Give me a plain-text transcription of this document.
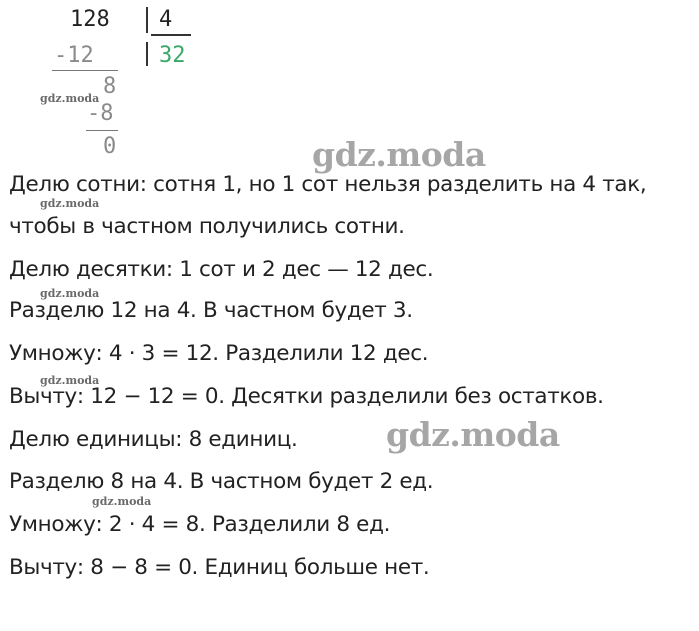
128 4
32
-12
8
-8
0
gdz.moda
gdz.moda
gdz.moda
gdz.moda
gdz.moda
gdz.moda
gdz.moda
Делю сотни: сотня 1, но 1 сот нельзя разделить на 4 так,
чтобы в частном получились сотни.
Делю десятки: 1 сот и 2 дес — 12 дес.
Разделю 12 на 4. В частном будет 3.
Умножу: 4 · 3 = 12. Разделили 12 дес.
Вычту: 12 − 12 = 0. Десятки разделили без остатков.
Делю единицы: 8 единиц.
Разделю 8 на 4. В частном будет 2 ед.
Умножу: 2 · 4 = 8. Разделили 8 ед.
Вычту: 8 − 8 = 0. Единиц больше нет.
